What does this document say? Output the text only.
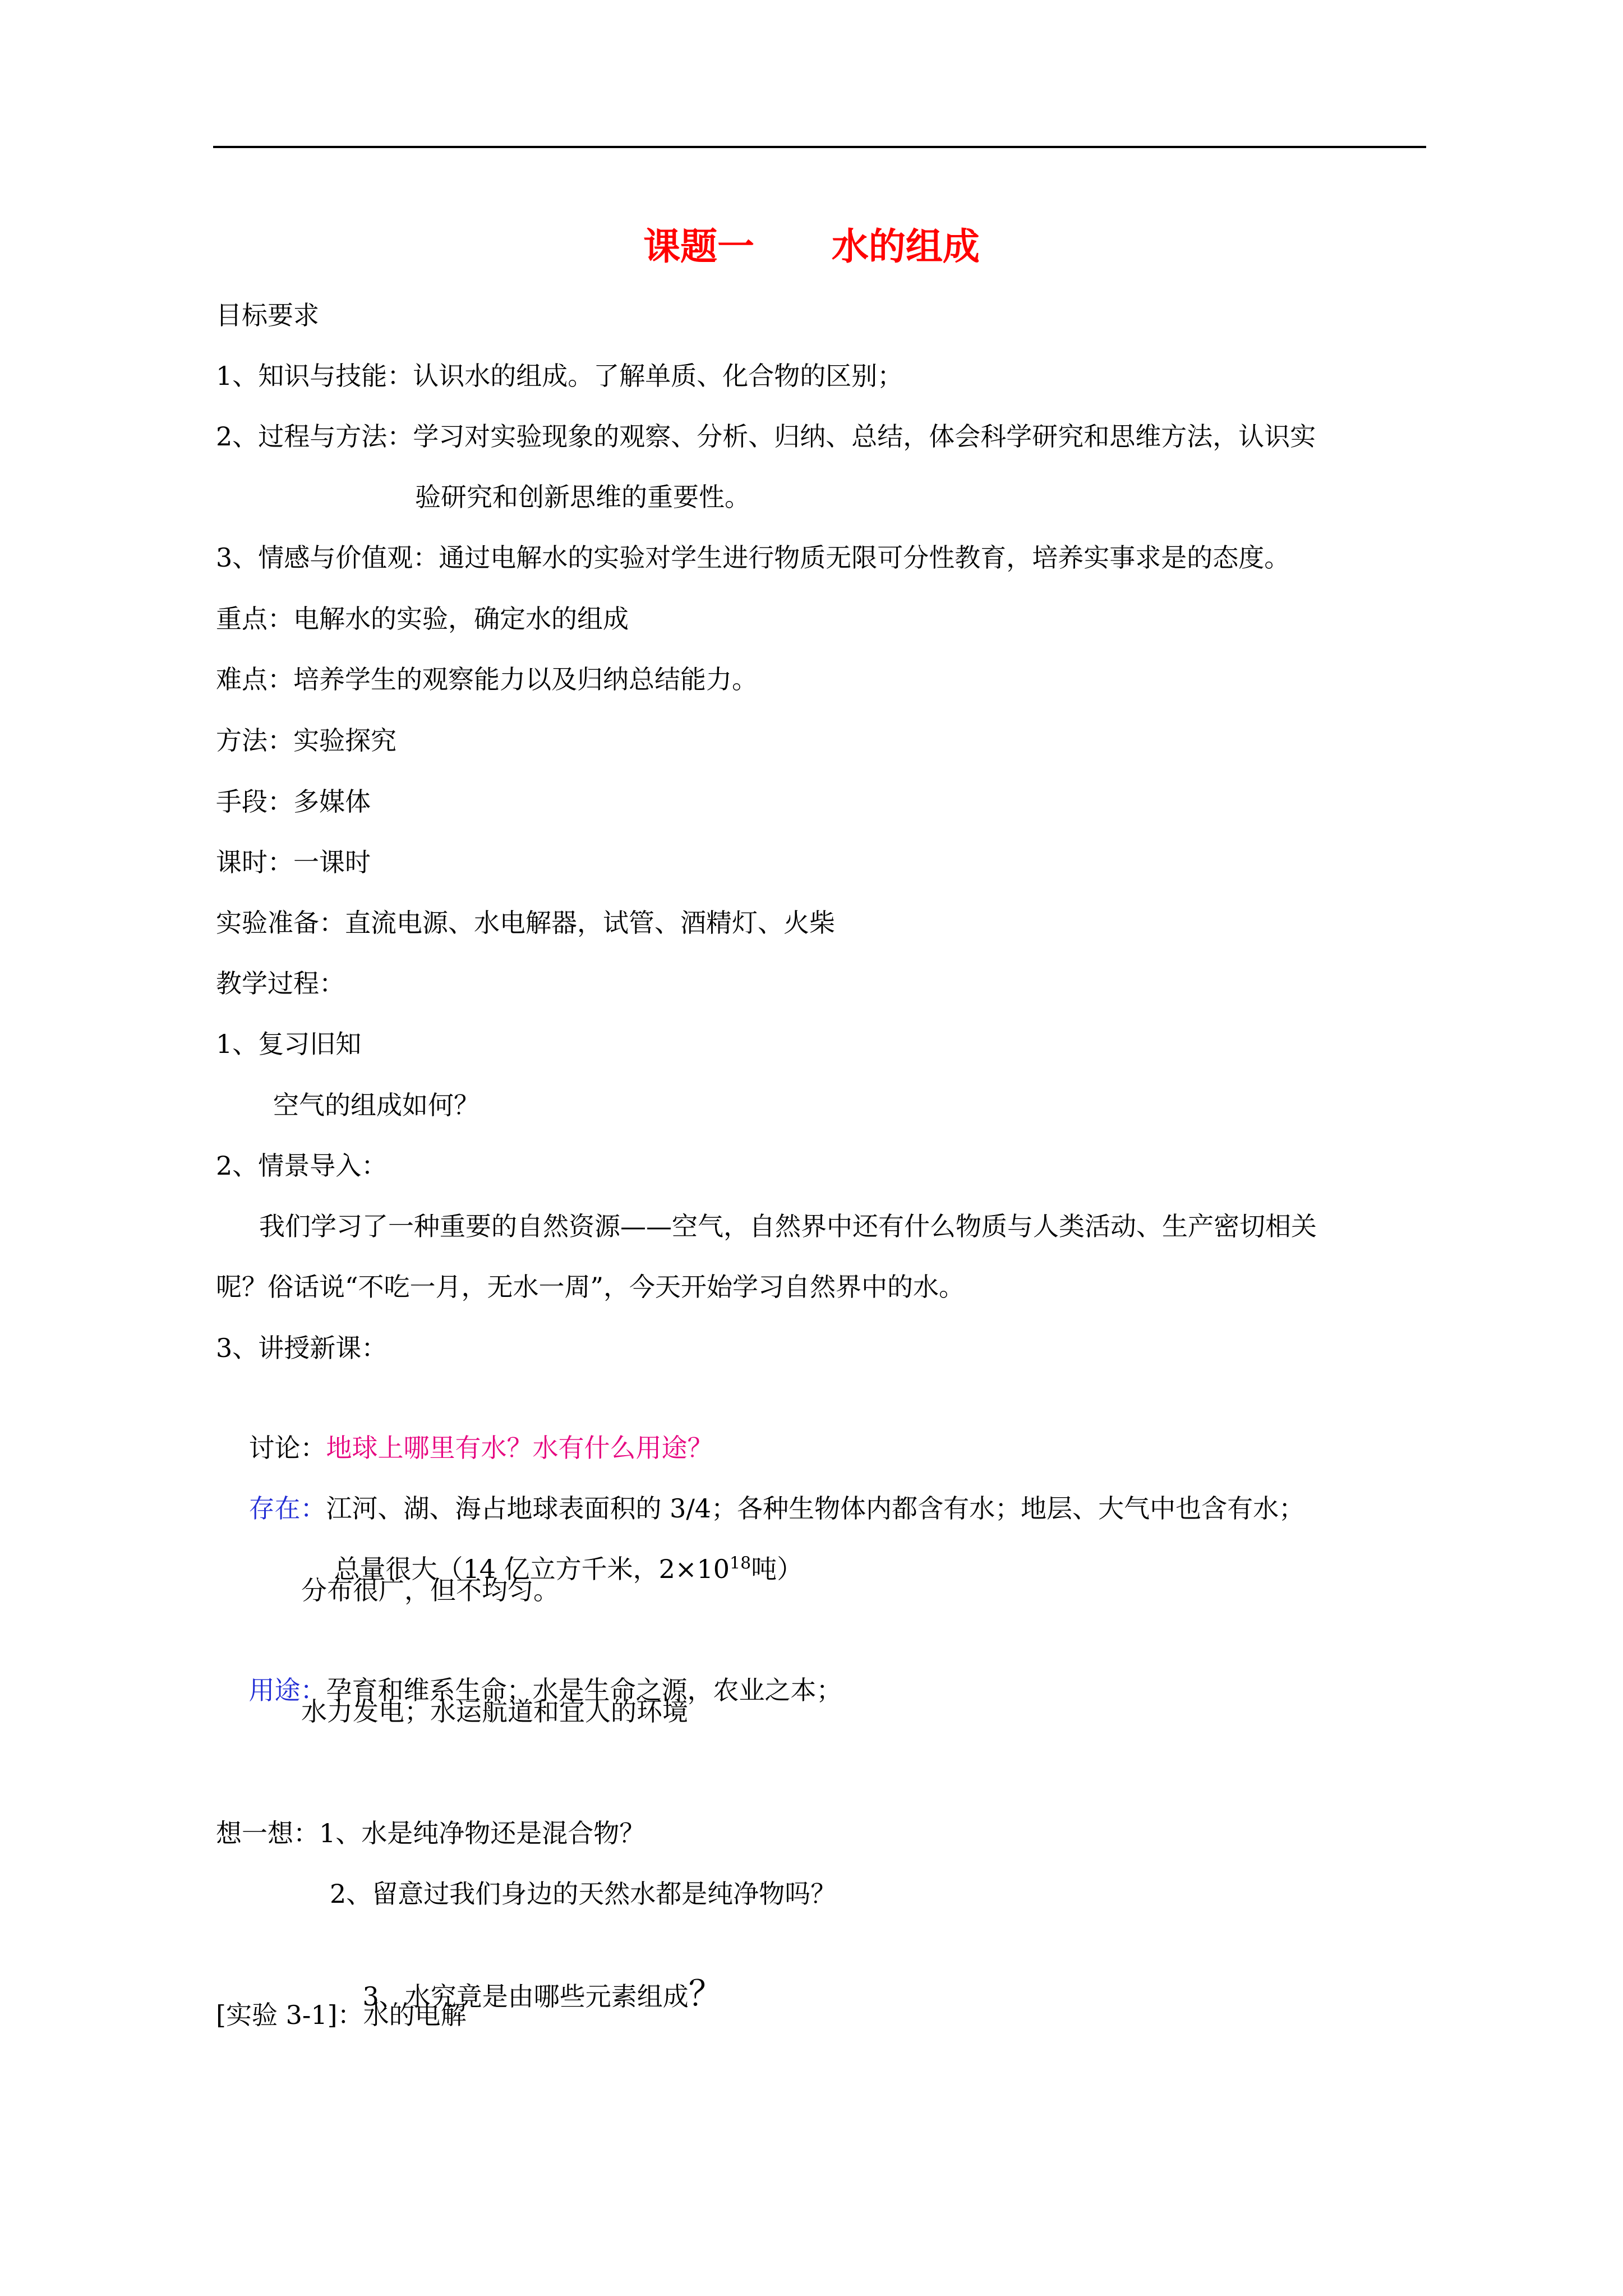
课题一      水的组成
目标要求
1、知识与技能：认识水的组成。了解单质、化合物的区别；
2、过程与方法：学习对实验现象的观察、分析、归纳、总结，体会科学研究和思维方法，认识实
验研究和创新思维的重要性。
3、情感与价值观：通过电解水的实验对学生进行物质无限可分性教育，培养实事求是的态度。
重点：电解水的实验，确定水的组成
难点：培养学生的观察能力以及归纳总结能力。
方法：实验探究
手段：多媒体
课时：一课时
实验准备：直流电源、水电解器，试管、酒精灯、火柴
教学过程：
1、复习旧知
空气的组成如何？
2、情景导入：
我们学习了一种重要的自然资源——空气，自然界中还有什么物质与人类活动、生产密切相关
呢？俗话说“不吃一月，无水一周”，今天开始学习自然界中的水。
3、讲授新课：

讨论：地球上哪里有水？水有什么用途？

存在：江河、湖、海占地球表面积的 3/4；各种生物体内都含有水；地层、大气中也含有水；

总量很大（14 亿立方千米，$2\times 10^{18}$吨）

分布很广，但不均匀。

用途：孕育和维系生命；水是生命之源，农业之本；

水力发电；水运航道和宜人的环境
想一想：1、水是纯净物还是混合物？
2、留意过我们身边的天然水都是纯净物吗？

3、水究竟是由哪些元素组成？

[实验 3-1]：水的电解
